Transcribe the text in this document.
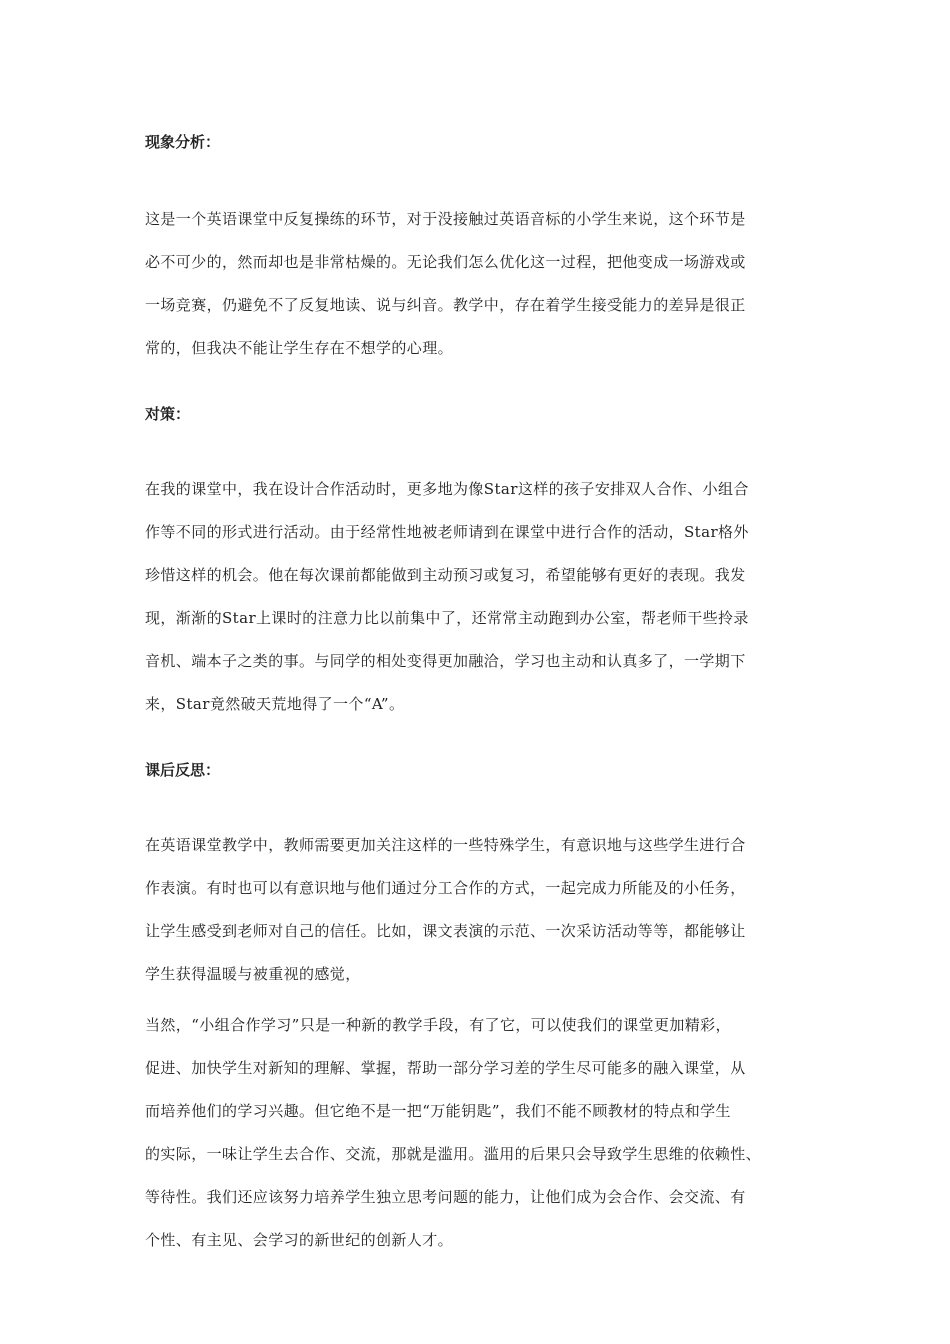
现象分析：
这是一个英语课堂中反复操练的环节，对于没接触过英语音标的小学生来说，这个环节是
必不可少的，然而却也是非常枯燥的。无论我们怎么优化这一过程，把他变成一场游戏或
一场竞赛，仍避免不了反复地读、说与纠音。教学中，存在着学生接受能力的差异是很正
常的，但我决不能让学生存在不想学的心理。
对策：
在我的课堂中，我在设计合作活动时，更多地为像Star这样的孩子安排双人合作、小组合
作等不同的形式进行活动。由于经常性地被老师请到在课堂中进行合作的活动，Star格外
珍惜这样的机会。他在每次课前都能做到主动预习或复习，希望能够有更好的表现。我发
现，渐渐的Star上课时的注意力比以前集中了，还常常主动跑到办公室，帮老师干些拎录
音机、端本子之类的事。与同学的相处变得更加融洽，学习也主动和认真多了，一学期下
来，Star竟然破天荒地得了一个“A”。
课后反思：
在英语课堂教学中，教师需要更加关注这样的一些特殊学生，有意识地与这些学生进行合
作表演。有时也可以有意识地与他们通过分工合作的方式，一起完成力所能及的小任务，
让学生感受到老师对自己的信任。比如，课文表演的示范、一次采访活动等等，都能够让
学生获得温暖与被重视的感觉，
当然，“小组合作学习”只是一种新的教学手段，有了它，可以使我们的课堂更加精彩，
促进、加快学生对新知的理解、掌握，帮助一部分学习差的学生尽可能多的融入课堂，从
而培养他们的学习兴趣。但它绝不是一把“万能钥匙”，我们不能不顾教材的特点和学生
的实际，一味让学生去合作、交流，那就是滥用。滥用的后果只会导致学生思维的依赖性、
等待性。我们还应该努力培养学生独立思考问题的能力，让他们成为会合作、会交流、有
个性、有主见、会学习的新世纪的创新人才。
